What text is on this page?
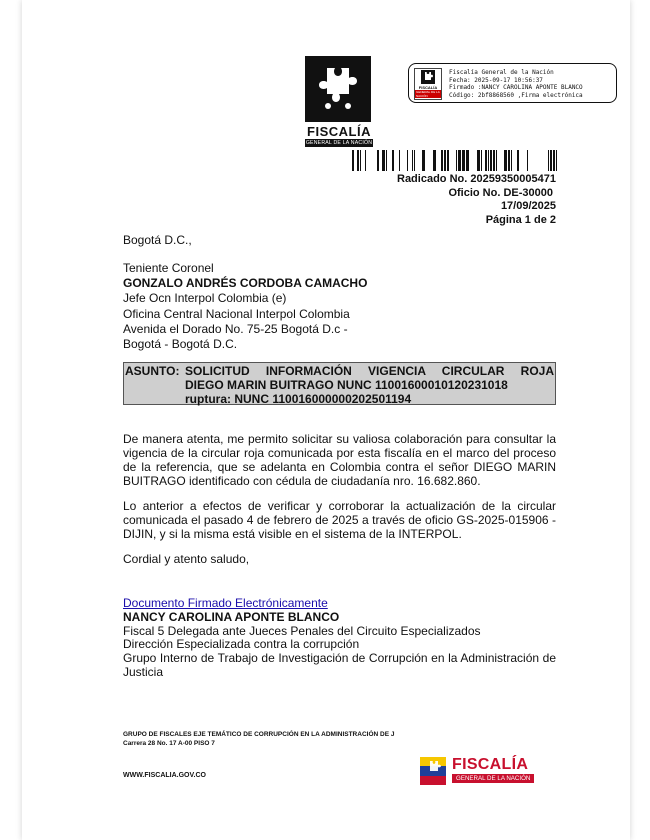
FISCALÍA
GENERAL DE LA NACIÓN
FISCALÍA
GENERAL DE LA NACIÓN
Fiscalía General de la Nación
Fecha: 2025-09-17 10:56:37
Firmado :NANCY CAROLINA APONTE BLANCO
Código: 2bf8868560 ,Firma electrónica
Radicado No. 20259350005471
Oficio No. DE-30000
17/09/2025
Página 1 de 2
Bogotá D.C.,
Teniente Coronel
GONZALO ANDRÉS CORDOBA CAMACHO
Jefe Ocn Interpol Colombia (e)
Oficina Central Nacional Interpol Colombia
Avenida el Dorado No. 75-25 Bogotá D.c -
Bogotá - Bogotá D.C.
ASUNTO: SOLICITUD INFORMACIÓN VIGENCIA CIRCULAR ROJA
DIEGO MARIN BUITRAGO NUNC 11001600010120231018
ruptura: NUNC 110016000000202501194
De manera atenta, me permito solicitar su valiosa colaboración para consultar la vigencia de la circular roja comunicada por esta fiscalía en el marco del proceso de la referencia, que se adelanta en Colombia contra el señor DIEGO MARIN BUITRAGO identificado con cédula de ciudadanía nro. 16.682.860.
Lo anterior a efectos de verificar y corroborar la actualización de la circular comunicada el pasado 4 de febrero de 2025 a través de oficio GS-2025-015906 - DIJIN, y si la misma está visible en el sistema de la INTERPOL.
Cordial y atento saludo,
Documento Firmado Electrónicamente
NANCY CAROLINA APONTE BLANCO
Fiscal 5 Delegada ante Jueces Penales del Circuito Especializados
Dirección Especializada contra la corrupción
Grupo Interno de Trabajo de Investigación de Corrupción en la Administración de Justicia
GRUPO DE FISCALES EJE TEMÁTICO DE CORRUPCIÓN EN LA ADMINISTRACIÓN DE J
Carrera 28 No. 17 A-00 PISO 7
WWW.FISCALIA.GOV.CO
FISCALÍA
GENERAL DE LA NACIÓN
